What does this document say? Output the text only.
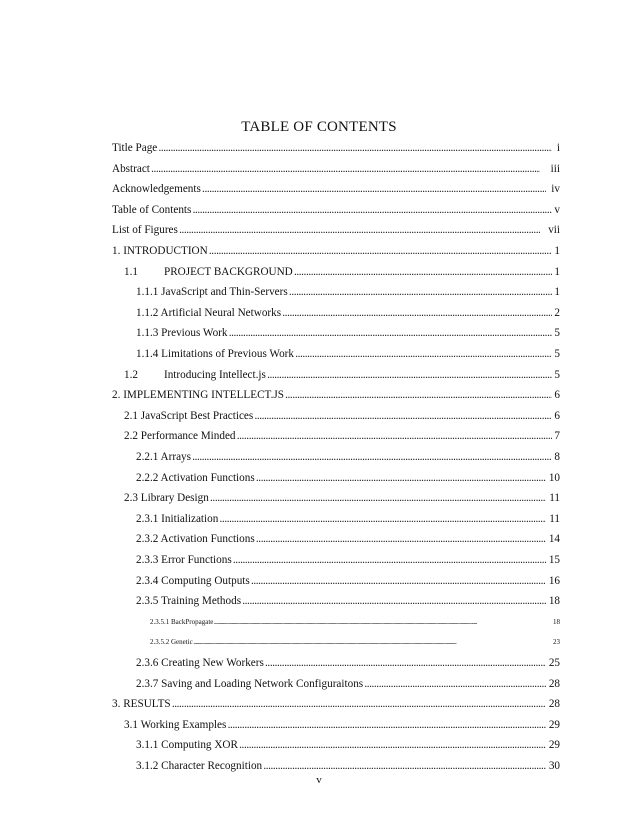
TABLE OF CONTENTS
Title Page . . .	i
Abstract . . .	iii
Acknowledgements . . .	iv
Table of Contents . . .	v
List of Figures . . .	vii
1. INTRODUCTION . . .	1
1.1 PROJECT BACKGROUND . . .	1
1.1.1 JavaScript and Thin-Servers . . .	1
1.1.2 Artificial Neural Networks . . .	2
1.1.3 Previous Work . . .	5
1.1.4 Limitations of Previous Work . . .	5
1.2 Introducing Intellect.js . . .	5
2. IMPLEMENTING INTELLECT.JS . . .	6
2.1 JavaScript Best Practices . . .	6
2.2 Performance Minded . . .	7
2.2.1 Arrays . . .	8
2.2.2 Activation Functions . . .	10
2.3 Library Design . . .	11
2.3.1 Initialization . . .	11
2.3.2 Activation Functions . . .	14
2.3.3 Error Functions . . .	15
2.3.4 Computing Outputs . . .	16
2.3.5 Training Methods . . .	18
2.3.5.1 BackPropagate . . .	18
2.3.5.2 Genetic . . .	23
2.3.6 Creating New Workers . . .	25
2.3.7 Saving and Loading Network Configuraitons . . .	28
3. RESULTS . . .	28
3.1 Working Examples . . .	29
3.1.1 Computing XOR . . .	29
3.1.2 Character Recognition . . .	30
v
